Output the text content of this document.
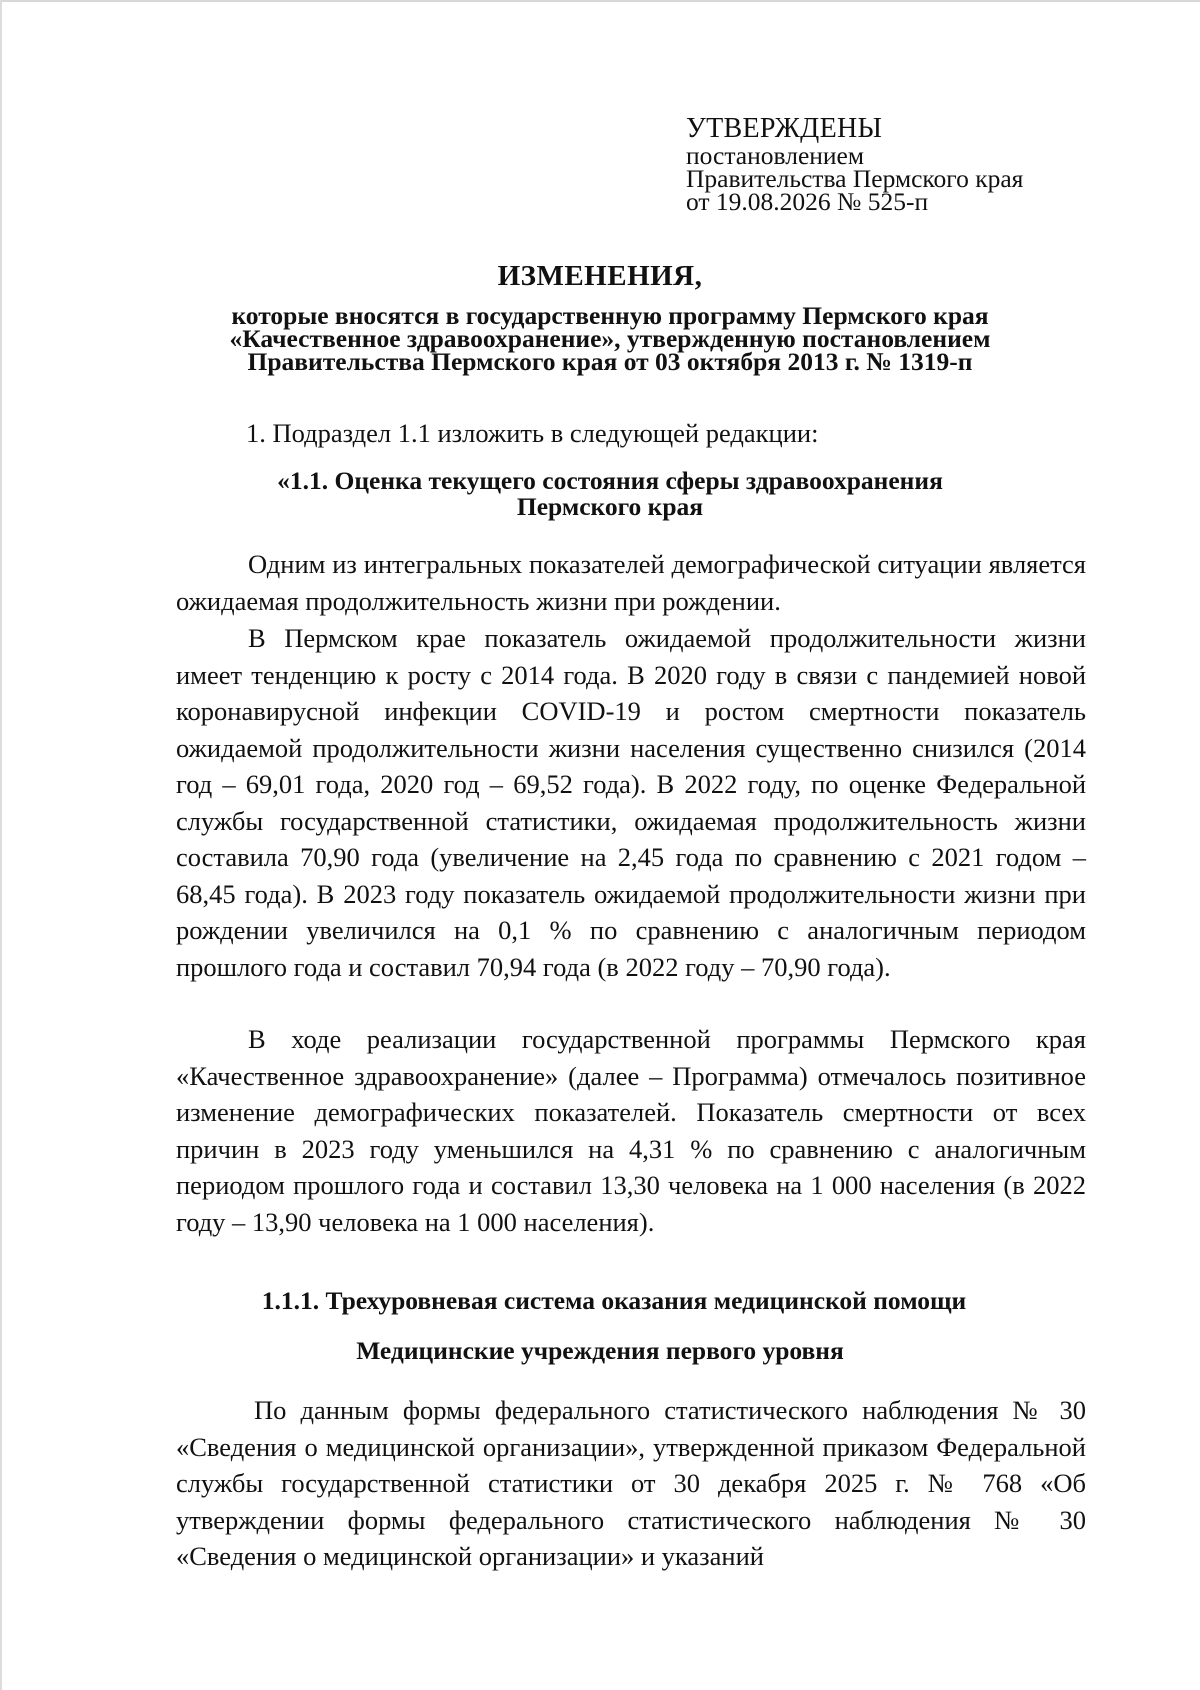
УТВЕРЖДЕНЫ
постановлением
Правительства Пермского края
от 19.08.2026 № 525-п
ИЗМЕНЕНИЯ,
которые вносятся в государственную программу Пермского края
«Качественное здравоохранение», утвержденную постановлением
Правительства Пермского края от 03 октября 2013 г. № 1319-п
1. Подраздел 1.1 изложить в следующей редакции:
«1.1. Оценка текущего состояния сферы здравоохранения
Пермского края

Одним из интегральных показателей демографической ситуации является ожидаемая продолжительность жизни при рождении.

В Пермском крае показатель ожидаемой продолжительности жизни имеет тенденцию к росту с 2014 года. В 2020 году в связи с пандемией новой коронавирусной инфекции COVID-19 и ростом смертности показатель ожидаемой продолжительности жизни населения существенно снизился (2014 год – 69,01 года, 2020 год – 69,52 года). В 2022 году, по оценке Федеральной службы государственной статистики, ожидаемая продолжительность жизни составила 70,90 года (увеличение на 2,45 года по сравнению с 2021 годом – 68,45 года). В 2023 году показатель ожидаемой продолжительности жизни при рождении увеличился на 0,1 % по сравнению с аналогичным периодом прошлого года и составил 70,94 года (в 2022 году – 70,90 года).

В ходе реализации государственной программы Пермского края «Качественное здравоохранение» (далее – Программа) отмечалось позитивное изменение демографических показателей. Показатель смертности от всех причин в 2023 году уменьшился на 4,31 % по сравнению с аналогичным периодом прошлого года и составил 13,30 человека на 1 000 населения (в 2022 году – 13,90 человека на 1 000 населения).

1.1.1. Трехуровневая система оказания медицинской помощи
Медицинские учреждения первого уровня

По данным формы федерального статистического наблюдения № 30 «Сведения о медицинской организации», утвержденной приказом Федеральной службы государственной статистики от 30 декабря 2025 г. № 768 «Об утверждении формы федерального статистического наблюдения № 30 «Сведения о медицинской организации» и указаний
